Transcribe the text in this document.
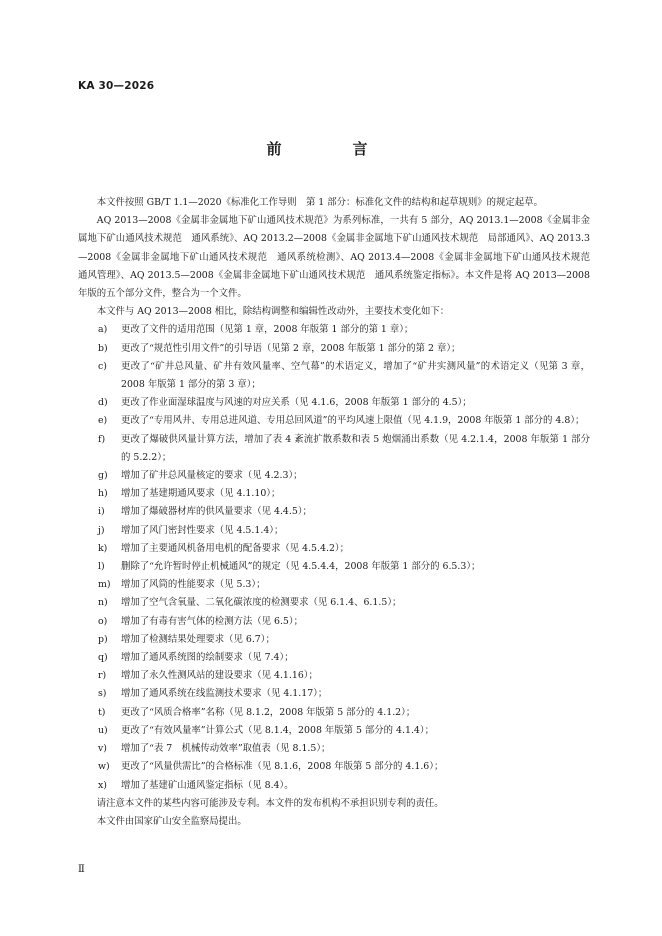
KA 30—2026
前　言

本文件按照 GB/T 1.1—2020《标准化工作导则　第 1 部分：标准化文件的结构和起草规则》的规定起草。

AQ 2013—2008《金属非金属地下矿山通风技术规范》为系列标准，一共有 5 部分，AQ 2013.1—2008《金属非金属地下矿山通风技术规范　通风系统》、AQ 2013.2—2008《金属非金属地下矿山通风技术规范　局部通风》、AQ 2013.3—2008《金属非金属地下矿山通风技术规范　通风系统检测》、AQ 2013.4—2008《金属非金属地下矿山通风技术规范　通风管理》、AQ 2013.5—2008《金属非金属地下矿山通风技术规范　通风系统鉴定指标》。本文件是将 AQ 2013—2008 年版的五个部分文件，整合为一个文件。

本文件与 AQ 2013—2008 相比，除结构调整和编辑性改动外，主要技术变化如下：

a)	更改了文件的适用范围（见第 1 章，2008 年版第 1 部分的第 1 章）；
b)	更改了“规范性引用文件”的引导语（见第 2 章，2008 年版第 1 部分的第 2 章）；
c)	更改了“矿井总风量、矿井有效风量率、空气幕”的术语定义，增加了“矿井实测风量”的术语定义（见第 3 章，2008 年版第 1 部分的第 3 章）；
d)	更改了作业面湿球温度与风速的对应关系（见 4.1.6，2008 年版第 1 部分的 4.5）；
e)	更改了“专用风井、专用总进风道、专用总回风道”的平均风速上限值（见 4.1.9，2008 年版第 1 部分的 4.8）；
f)	更改了爆破供风量计算方法，增加了表 4 紊流扩散系数和表 5 炮烟涌出系数（见 4.2.1.4，2008 年版第 1 部分的 5.2.2）；
g)	增加了矿井总风量核定的要求（见 4.2.3）；
h)	增加了基建期通风要求（见 4.1.10）；
i)	增加了爆破器材库的供风量要求（见 4.4.5）；
j)	增加了风门密封性要求（见 4.5.1.4）；
k)	增加了主要通风机备用电机的配备要求（见 4.5.4.2）；
l)	删除了“允许暂时停止机械通风”的规定（见 4.5.4.4，2008 年版第 1 部分的 6.5.3）；
m)	增加了风筒的性能要求（见 5.3）；
n)	增加了空气含氧量、二氧化碳浓度的检测要求（见 6.1.4、6.1.5）；
o)	增加了有毒有害气体的检测方法（见 6.5）；
p)	增加了检测结果处理要求（见 6.7）；
q)	增加了通风系统图的绘制要求（见 7.4）；
r)	增加了永久性测风站的建设要求（见 4.1.16）；
s)	增加了通风系统在线监测技术要求（见 4.1.17）；
t)	更改了“风质合格率”名称（见 8.1.2，2008 年版第 5 部分的 4.1.2）；
u)	更改了“有效风量率”计算公式（见 8.1.4，2008 年版第 5 部分的 4.1.4）；
v)	增加了“表 7　机械传动效率”取值表（见 8.1.5）；
w)	更改了“风量供需比”的合格标准（见 8.1.6，2008 年版第 5 部分的 4.1.6）；
x)	增加了基建矿山通风鉴定指标（见 8.4）。

请注意本文件的某些内容可能涉及专利。本文件的发布机构不承担识别专利的责任。

本文件由国家矿山安全监察局提出。

Ⅱ
